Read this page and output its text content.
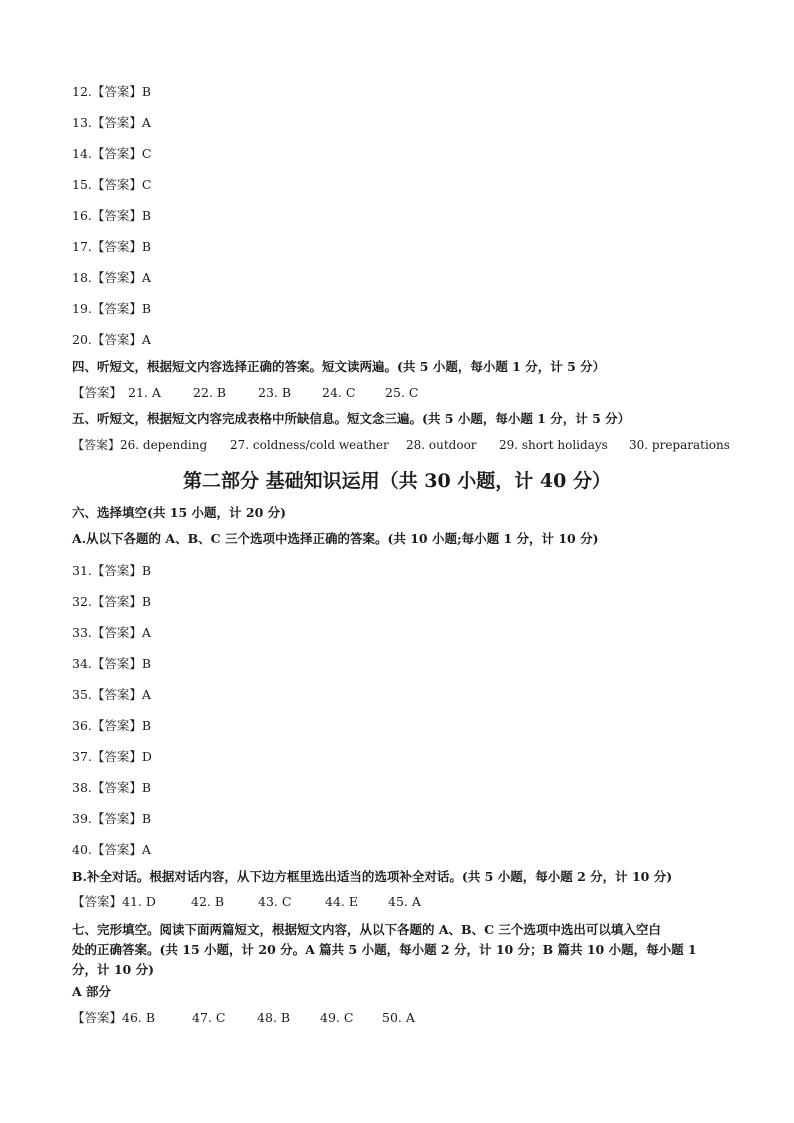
12.【答案】B
13.【答案】A
14.【答案】C
15.【答案】C
16.【答案】B
17.【答案】B
18.【答案】A
19.【答案】B
20.【答案】A
四、听短文，根据短文内容选择正确的答案。短文读两遍。(共 5 小题，每小题 1 分，计 5 分）
【答案】 21. A	22. B	23. B 24. C 25. C
五、听短文，根据短文内容完成表格中所缺信息。短文念三遍。(共 5 小题，每小题 1 分，计 5 分）
【答案】 26. depending 27. coldness/cold weather 28. outdoor 29. short holidays 30. preparations
第二部分 基础知识运用（共 30 小题，计 40 分）
六、选择填空(共 15 小题，计 20 分)
A.从以下各题的 A、B、C 三个选项中选择正确的答案。(共 10 小题;每小题 1 分，计 10 分)
31.【答案】B
32.【答案】B
33.【答案】A
34.【答案】B
35.【答案】A
36.【答案】B
37.【答案】D
38.【答案】B
39.【答案】B
40.【答案】A
B.补全对话。根据对话内容，从下边方框里选出适当的选项补全对话。(共 5 小题，每小题 2 分，计 10 分)
【答案】 41. D	42. B	43. C	44. E 45. A
七、完形填空。阅读下面两篇短文，根据短文内容，从以下各题的 A、B、C 三个选项中选出可以填入空白
处的正确答案。(共 15 小题，计 20 分。A 篇共 5 小题，每小题 2 分，计 10 分；B 篇共 10 小题，每小题 1
分，计 10 分)
A 部分
【答案】 46. B	47. C	48. B 49. C 50. A
